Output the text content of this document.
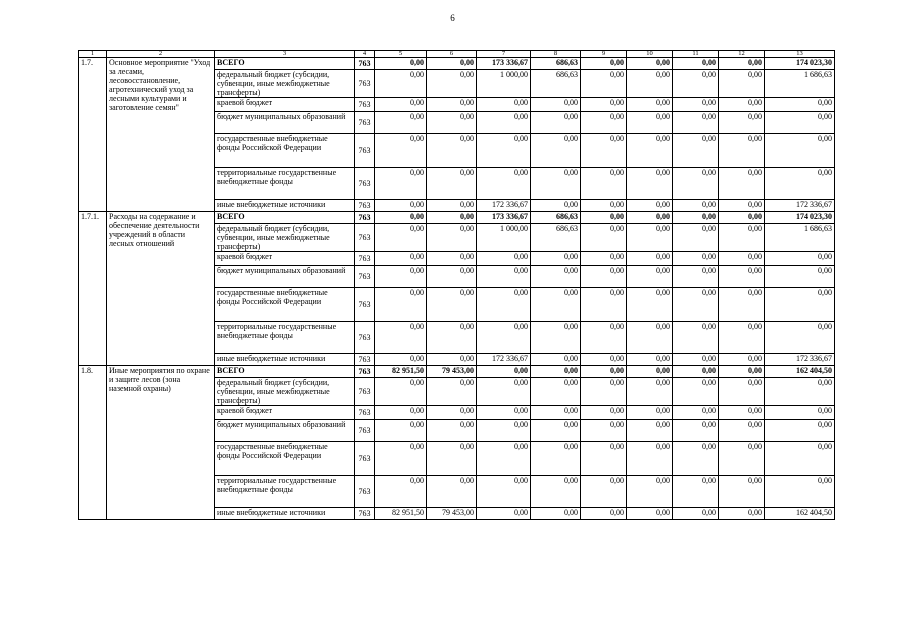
6
1	2	3	4	5	6	7	8	9	10	11	12	13
1.7.	Основное мероприятие "Уход за лесами, лесовосстановление, агротехнический уход за лесными культурами и заготовление семян"	ВСЕГО	763	0,00	0,00	173 336,67	686,63	0,00	0,00	0,00	0,00	174 023,30
		федеральный бюджет (субсидии, субвенции, иные межбюджетные трансферты)	763	0,00	0,00	1 000,00	686,63	0,00	0,00	0,00	0,00	1 686,63
		краевой бюджет	763	0,00	0,00	0,00	0,00	0,00	0,00	0,00	0,00	0,00
		бюджет муниципальных образований	763	0,00	0,00	0,00	0,00	0,00	0,00	0,00	0,00	0,00
		государственные внебюджетные фонды Российской Федерации	763	0,00	0,00	0,00	0,00	0,00	0,00	0,00	0,00	0,00
		территориальные государственные внебюджетные фонды	763	0,00	0,00	0,00	0,00	0,00	0,00	0,00	0,00	0,00
		иные внебюджетные источники	763	0,00	0,00	172 336,67	0,00	0,00	0,00	0,00	0,00	172 336,67
1.7.1.	Расходы на содержание и обеспечение деятельности учреждений в области лесных отношений	ВСЕГО	763	0,00	0,00	173 336,67	686,63	0,00	0,00	0,00	0,00	174 023,30
		федеральный бюджет (субсидии, субвенции, иные межбюджетные трансферты)	763	0,00	0,00	1 000,00	686,63	0,00	0,00	0,00	0,00	1 686,63
		краевой бюджет	763	0,00	0,00	0,00	0,00	0,00	0,00	0,00	0,00	0,00
		бюджет муниципальных образований	763	0,00	0,00	0,00	0,00	0,00	0,00	0,00	0,00	0,00
		государственные внебюджетные фонды Российской Федерации	763	0,00	0,00	0,00	0,00	0,00	0,00	0,00	0,00	0,00
		территориальные государственные внебюджетные фонды	763	0,00	0,00	0,00	0,00	0,00	0,00	0,00	0,00	0,00
		иные внебюджетные источники	763	0,00	0,00	172 336,67	0,00	0,00	0,00	0,00	0,00	172 336,67
1.8.	Иные мероприятия по охране и защите лесов (зона наземной охраны)	ВСЕГО	763	82 951,50	79 453,00	0,00	0,00	0,00	0,00	0,00	0,00	162 404,50
		федеральный бюджет (субсидии, субвенции, иные межбюджетные трансферты)	763	0,00	0,00	0,00	0,00	0,00	0,00	0,00	0,00	0,00
		краевой бюджет	763	0,00	0,00	0,00	0,00	0,00	0,00	0,00	0,00	0,00
		бюджет муниципальных образований	763	0,00	0,00	0,00	0,00	0,00	0,00	0,00	0,00	0,00
		государственные внебюджетные фонды Российской Федерации	763	0,00	0,00	0,00	0,00	0,00	0,00	0,00	0,00	0,00
		территориальные государственные внебюджетные фонды	763	0,00	0,00	0,00	0,00	0,00	0,00	0,00	0,00	0,00
		иные внебюджетные источники	763	82 951,50	79 453,00	0,00	0,00	0,00	0,00	0,00	0,00	162 404,50
